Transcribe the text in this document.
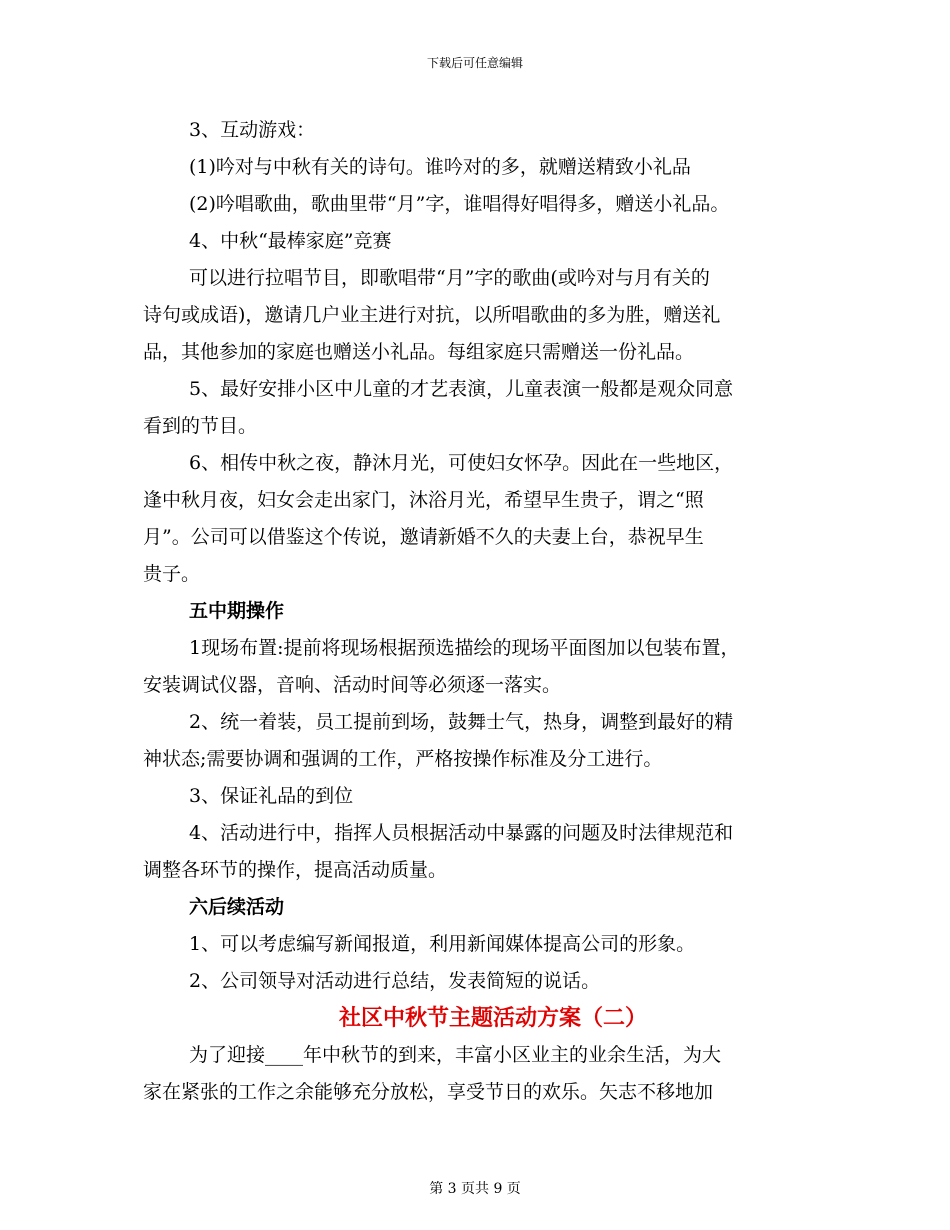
下载后可任意编辑
3、互动游戏：
(1)吟对与中秋有关的诗句。谁吟对的多，就赠送精致小礼品
(2)吟唱歌曲，歌曲里带“月”字，谁唱得好唱得多，赠送小礼品。
4、中秋“最棒家庭”竞赛
可以进行拉唱节目，即歌唱带“月”字的歌曲(或吟对与月有关的
诗句或成语)，邀请几户业主进行对抗，以所唱歌曲的多为胜，赠送礼
品，其他参加的家庭也赠送小礼品。每组家庭只需赠送一份礼品。
5、最好安排小区中儿童的才艺表演，儿童表演一般都是观众同意
看到的节目。
6、相传中秋之夜，静沐月光，可使妇女怀孕。因此在一些地区，
逢中秋月夜，妇女会走出家门，沐浴月光，希望早生贵子，谓之“照
月”。公司可以借鉴这个传说，邀请新婚不久的夫妻上台，恭祝早生
贵子。
五中期操作
1现场布置:提前将现场根据预选描绘的现场平面图加以包装布置，
安装调试仪器，音响、活动时间等必须逐一落实。
2、统一着装，员工提前到场，鼓舞士气，热身，调整到最好的精
神状态;需要协调和强调的工作，严格按操作标准及分工进行。
3、保证礼品的到位
4、活动进行中，指挥人员根据活动中暴露的问题及时法律规范和
调整各环节的操作，提高活动质量。
六后续活动
1、可以考虑编写新闻报道，利用新闻媒体提高公司的形象。
2、公司领导对活动进行总结，发表简短的说话。
社区中秋节主题活动方案（二）
为了迎接____年中秋节的到来，丰富小区业主的业余生活，为大
家在紧张的工作之余能够充分放松，享受节日的欢乐。矢志不移地加
第 3 页共 9 页
